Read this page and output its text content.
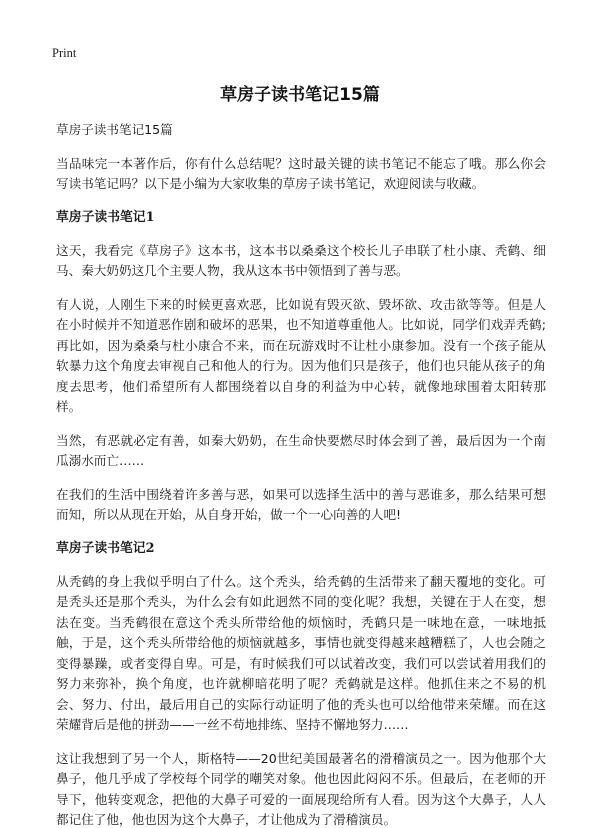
Print
草房子读书笔记15篇

草房子读书笔记15篇

当品味完一本著作后，你有什么总结呢？这时最关键的读书笔记不能忘了哦。那么你会写读书笔记吗？以下是小编为大家收集的草房子读书笔记，欢迎阅读与收藏。

草房子读书笔记1

这天，我看完《草房子》这本书，这本书以桑桑这个校长儿子串联了杜小康、秃鹤、细马、秦大奶奶这几个主要人物，我从这本书中领悟到了善与恶。

有人说，人刚生下来的时候更喜欢恶，比如说有毁灭欲、毁坏欲、攻击欲等等。但是人在小时候并不知道恶作剧和破坏的恶果，也不知道尊重他人。比如说，同学们戏弄秃鹤;再比如，因为桑桑与杜小康合不来，而在玩游戏时不让杜小康参加。没有一个孩子能从软暴力这个角度去审视自己和他人的行为。因为他们只是孩子，他们也只能从孩子的角度去思考，他们希望所有人都围绕着以自身的利益为中心转，就像地球围着太阳转那样。

当然，有恶就必定有善，如秦大奶奶，在生命快要燃尽时体会到了善，最后因为一个南瓜溺水而亡……

在我们的生活中围绕着许多善与恶，如果可以选择生活中的善与恶谁多，那么结果可想而知，所以从现在开始，从自身开始，做一个一心向善的人吧!

草房子读书笔记2

从秃鹤的身上我似乎明白了什么。这个秃头，给秃鹤的生活带来了翻天覆地的变化。可是秃头还是那个秃头，为什么会有如此迥然不同的变化呢？我想，关键在于人在变，想法在变。当秃鹤很在意这个秃头所带给他的烦恼时，秃鹤只是一味地在意，一味地抵触，于是，这个秃头所带给他的烦恼就越多，事情也就变得越来越糟糕了，人也会随之变得暴躁，或者变得自卑。可是，有时候我们可以试着改变，我们可以尝试着用我们的努力来弥补，换个角度，也许就柳暗花明了呢？秃鹤就是这样。他抓住来之不易的机会、努力、付出，最后用自己的实际行动证明了他的秃头也可以给他带来荣耀。而在这荣耀背后是他的拼劲——一丝不苟地排练、坚持不懈地努力……

这让我想到了另一个人，斯格特——20世纪美国最著名的滑稽演员之一。因为他那个大鼻子，他几乎成了学校每个同学的嘲笑对象。他也因此闷闷不乐。但最后，在老师的开导下，他转变观念，把他的大鼻子可爱的一面展现给所有人看。因为这个大鼻子，人人都记住了他，他也因为这个大鼻子，才让他成为了滑稽演员。
